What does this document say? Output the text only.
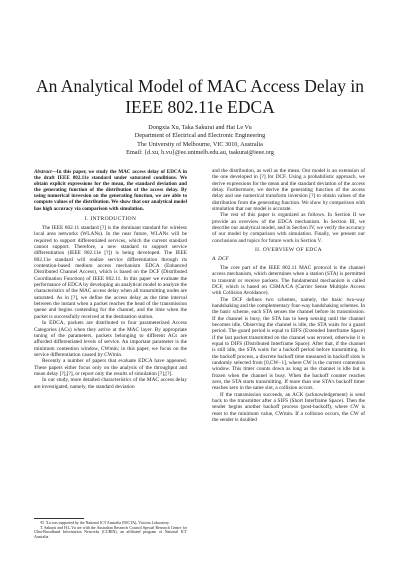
An Analytical Model of MAC Access Delay in IEEE 802.11e EDCA
Dongxia Xu, Taka Sakurai and Hai Le Vu
Department of Electrical and Electronic Engineering
The University of Melbourne, VIC 3010, Australia
Email: {d.xu, h.vu}@ee.unimelb.edu.au, tsakurai@ieee.org
Abstract—In this paper, we study the MAC access delay of EDCA in the draft IEEE 802.11e standard under saturated conditions. We obtain explicit expressions for the mean, the standard deviation and the generating function of the distribution of the access delay. By using numerical inversion on the generating function, we are able to compute values of the distribution. We show that our analytical model has high accuracy via comparison with simulation.
I. INTRODUCTION

The IEEE 802.11 standard [?] is the dominant standard for wireless local area networks (WLANs). In the near future, WLANs will be required to support differentiated services, which the current standard cannot support. Therefore, a new standard to support service differentiation (IEEE 802.11e [?]) is being developed. The IEEE 802.11e standard will realize service differentiation through its contention-based medium access mechanism EDCA (Enhanced Distributed Channel Access), which is based on the DCF (Distributed Coordination Function) of IEEE 802.11. In this paper we evaluate the performance of EDCA by developing an analytical model to analyze the characteristics of the MAC access delay when all transmitting nodes are saturated. As in [?], we define the access delay as the time interval between the instant when a packet reaches the head of the transmission queue and begins contending for the channel, and the time when the packet is successfully received at the destination station.

In EDCA, packets are distributed to four parameterized Access Categories (ACs) when they arrive at the MAC layer. By appropriate tuning of the parameters, packets belonging to different ACs are afforded differentiated levels of service. An important parameter is the minimum contention window, CWmin; in this paper, we focus on the service differentiation caused by CWmin.

Recently a number of papers that evaluate EDCA have appeared. These papers either focus only on the analysis of the throughput and mean delay [?],[?], or report only the results of simulation [?],[?].

In our study, more detailed characteristics of the MAC access delay are investigated, namely, the standard deviation

¹D. Xu was supported by the National ICT Australia (NICTA), Victoria Laboratory.

T. Sakurai and H.L.Vu are with the Australian Research Council Special Research Centre for Ultra-Broadband Information Networks (CUBIN), an affiliated program of National ICT Australia.

and the distribution, as well as the mean. Our model is an extension of the one developed in [?] for DCF. Using a probabilistic approach, we derive expressions for the mean and the standard deviation of the access delay. Furthermore, we derive the generating function of the access delay and use numerical transform inversion [?] to obtain values of the distribution from the generating function. We show by comparison with simulation that our model is accurate.

The rest of this paper is organized as follows. In Section II we provide an overview of the EDCA mechanism. In Section III, we describe our analytical model, and in Section IV, we verify the accuracy of our model by comparison with simulation. Finally, we present our conclusions and topics for future work in Section V.

II. OVERVIEW OF EDCA
A. DCF

The core part of the IEEE 802.11 MAC protocol is the channel access mechanism, which determines when a station (STA) is permitted to transmit or receive packets. The fundamental mechanism is called DCF, which is based on CSMA/CA (Carrier Sense Multiple Access with Collision Avoidance).

The DCF defines two schemes, namely, the basic two-way handshaking and the complementary four-way handshaking schemes. In the basic scheme, each STA senses the channel before its transmission. If the channel is busy, the STA has to keep sensing until the channel becomes idle. Observing the channel is idle, the STA waits for a guard period. The guard period is equal to EIFS (Extended Interframe Space) if the last packet transmitted on the channel was errored, otherwise it is equal to DIFS (Distributed Interframe Space). After that, if the channel is still idle, the STA waits for a backoff period before transmitting. In the backoff process, a discrete backoff time measured in backoff slots is randomly selected from [0,CW−1], where CW is the current contention window. This timer counts down as long as the channel is idle but is frozen when the channel is busy. When the backoff counter reaches zero, the STA starts transmitting. If more than one STA's backoff timer reaches zero in the same slot, a collision occurs.

If the transmission succeeds, an ACK (acknowledgement) is send back to the transmitter after a SIFS (Short Interframe Space). Then the sender begins another backoff process (post-backoff), where CW is reset to the minimum value, CWmin. If a collision occurs, the CW of the sender is doubled
